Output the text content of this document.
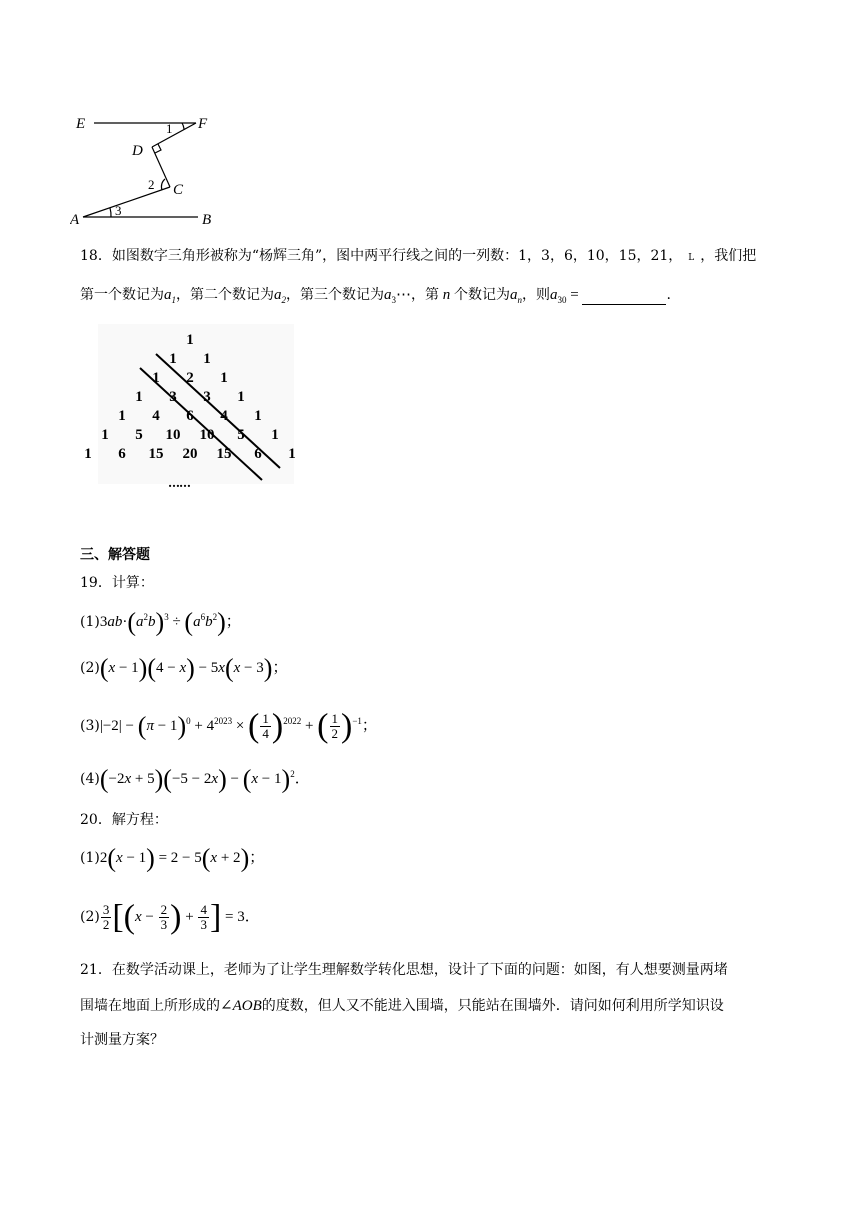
E	F
D
C
A	B
1
2
3
18．如图数字三角形被称为“杨辉三角”，图中两平行线之间的一列数：1，3，6，10，15，21， L ，我们把
第一个数记为$a_1$，第二个数记为$a_2$，第三个数记为$a_3\cdots$，第 n 个数记为$a_n$，则$a_{30}$ =	.
1
1	1
1	2	1
1	3	3	1
1	4	6	4	1
1	5	10	10	5	1
1	6	15	20	15	6	1
……
三、解答题
19．计算：
$(1)3ab\cdot(a^2b)^3 \div (a^6b^2)$；
(2)(x − 1)(4 − x) − 5x(x − 3)；
$(3)|-2| - (\pi - 1)^0 + 4^{2023}$ × ( $\frac{1}{4} )^{2022}$ + ( $\frac{1}{2} )^{-1}$；
$(4)(-2x + 5)(-5 - 2x) - (x - 1)^2$．
20．解方程：
(1)2(x − 1) = 2 − 5(x + 2)；
$(2) \frac{3}{2} [(x - \frac{2}{3}$ ) + $\frac{4}{3}$ ] = 3．
21．在数学活动课上，老师为了让学生理解数学转化思想，设计了下面的问题：如图，有人想要测量两堵
围墙在地面上所形成的∠AOB的度数，但人又不能进入围墙，只能站在围墙外．请问如何利用所学知识设
计测量方案？
